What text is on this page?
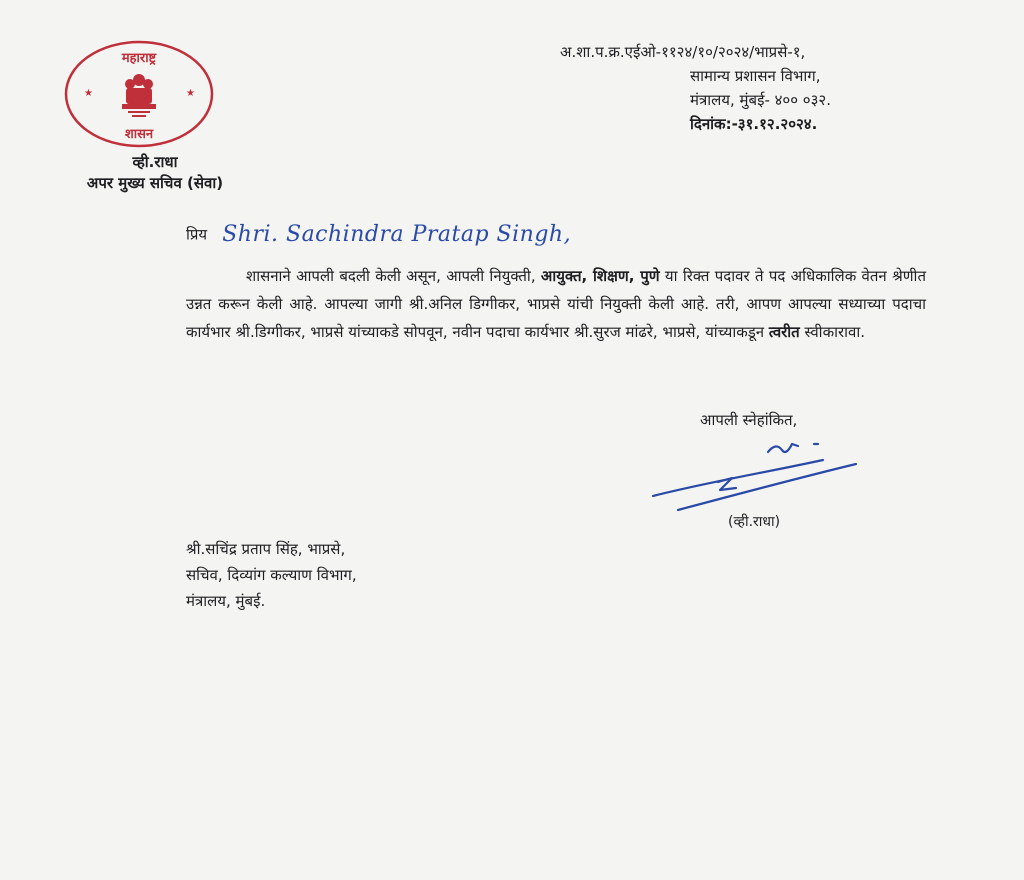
महाराष्ट्र
शासन
★	★
व्ही.राधा
अपर मुख्य सचिव (सेवा)
अ.शा.प.क्र.एईओ-११२४/१०/२०२४/भाप्रसे-१,
सामान्य प्रशासन विभाग,
मंत्रालय, मुंबई- ४०० ०३२.
दिनांक:-३१.१२.२०२४.
प्रिय Shri. Sachindra Pratap Singh,

शासनाने आपली बदली केली असून, आपली नियुक्ती, आयुक्त, शिक्षण, पुणे या रिक्त पदावर ते पद अधिकालिक वेतन श्रेणीत उन्नत करून केली आहे. आपल्या जागी श्री.अनिल डिग्गीकर, भाप्रसे यांची नियुक्ती केली आहे. तरी, आपण आपल्या सध्याच्या पदाचा कार्यभार श्री.डिग्गीकर, भाप्रसे यांच्याकडे सोपवून, नवीन पदाचा कार्यभार श्री.सुरज मांढरे, भाप्रसे, यांच्याकडून त्वरीत स्वीकारावा.

आपली स्नेहांकित,
(व्ही.राधा)
श्री.सचिंद्र प्रताप सिंह, भाप्रसे,
सचिव, दिव्यांग कल्याण विभाग,
मंत्रालय, मुंबई.
